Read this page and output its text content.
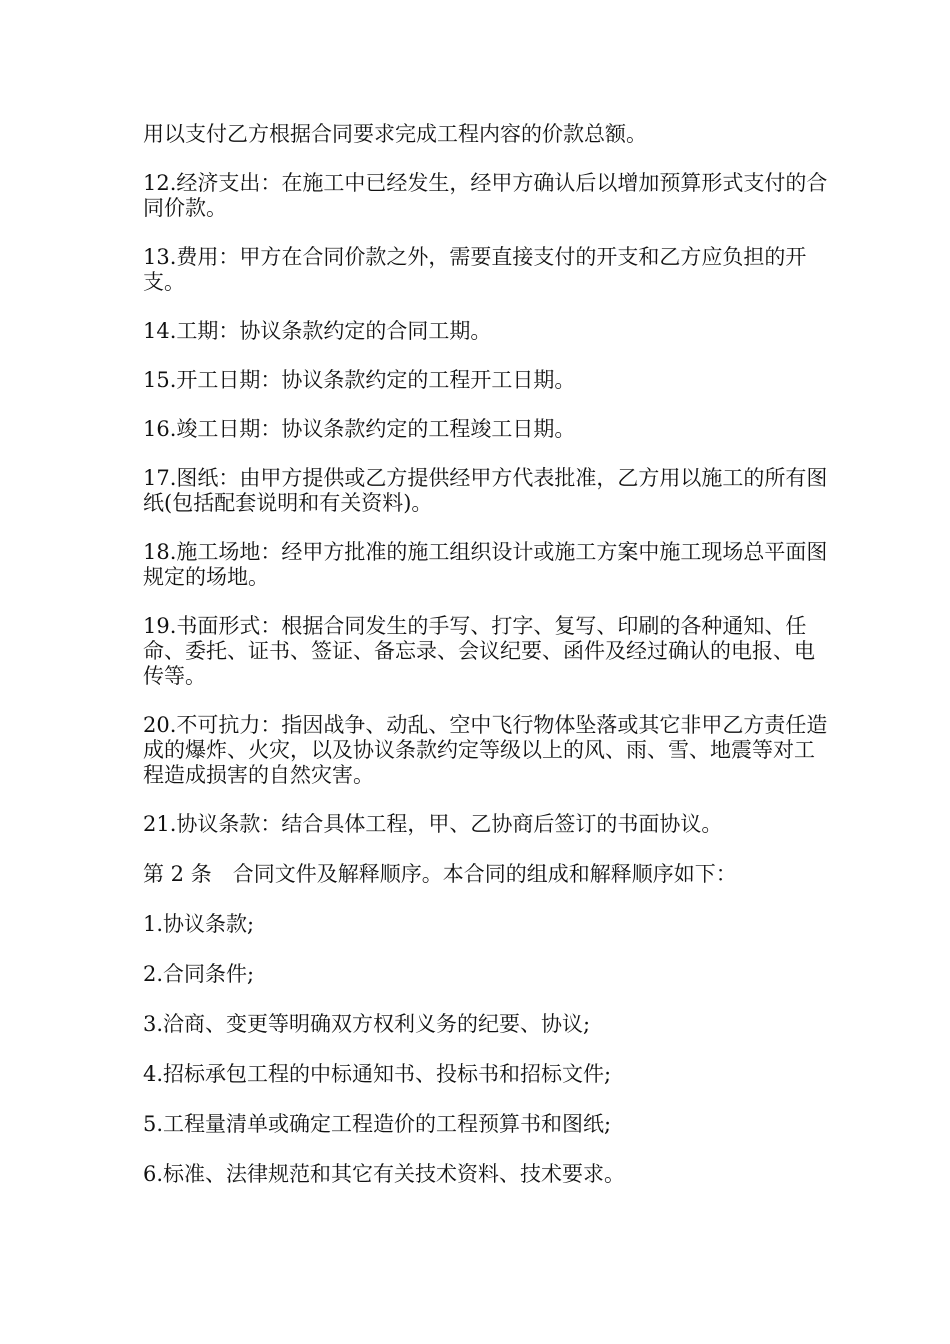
用以支付乙方根据合同要求完成工程内容的价款总额。

12.经济支出：在施工中已经发生，经甲方确认后以增加预算形式支付的合同价款。

13.费用：甲方在合同价款之外，需要直接支付的开支和乙方应负担的开支。

14.工期：协议条款约定的合同工期。

15.开工日期：协议条款约定的工程开工日期。

16.竣工日期：协议条款约定的工程竣工日期。

17.图纸：由甲方提供或乙方提供经甲方代表批准，乙方用以施工的所有图纸(包括配套说明和有关资料)。

18.施工场地：经甲方批准的施工组织设计或施工方案中施工现场总平面图规定的场地。

19.书面形式：根据合同发生的手写、打字、复写、印刷的各种通知、任命、委托、证书、签证、备忘录、会议纪要、函件及经过确认的电报、电传等。

20.不可抗力：指因战争、动乱、空中飞行物体坠落或其它非甲乙方责任造成的爆炸、火灾，以及协议条款约定等级以上的风、雨、雪、地震等对工程造成损害的自然灾害。

21.协议条款：结合具体工程，甲、乙协商后签订的书面协议。

第 2 条　合同文件及解释顺序。本合同的组成和解释顺序如下：

1.协议条款;

2.合同条件;

3.洽商、变更等明确双方权利义务的纪要、协议;

4.招标承包工程的中标通知书、投标书和招标文件;

5.工程量清单或确定工程造价的工程预算书和图纸;

6.标准、法律规范和其它有关技术资料、技术要求。
